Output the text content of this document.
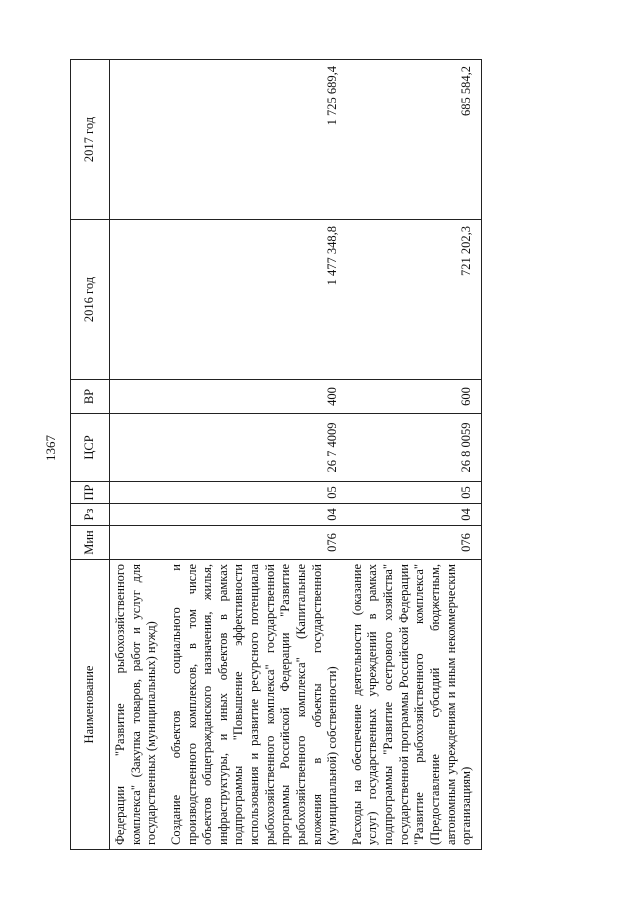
1367
Наименование	Мин	Рз	ПР	ЦСР	ВР	2016 год	2017 год
Федерации "Развитие рыбохозяйственного комплекса" (Закупка товаров, работ и услуг для государственных (муниципальных) нужд)							
Создание объектов социального и производственного комплексов, в том числе объектов общегражданского назначения, жилья, инфраструктуры, и иных объектов в рамках подпрограммы "Повышение эффективности использования и развитие ресурсного потенциала рыбохозяйственного комплекса" государственной программы Российской Федерации "Развитие рыбохозяйственного комплекса" (Капитальные вложения в объекты государственной (муниципальной) собственности)	076	04	05	26 7 4009	400	1 477 348,8	1 725 689,4
Расходы на обеспечение деятельности (оказание услуг) государственных учреждений в рамках подпрограммы "Развитие осетрового хозяйства" государственной программы Российской Федерации "Развитие рыбохозяйственного комплекса" (Предоставление субсидий бюджетным, автономным учреждениям и иным некоммерческим организациям)	076	04	05	26 8 0059	600	721 202,3	685 584,2
